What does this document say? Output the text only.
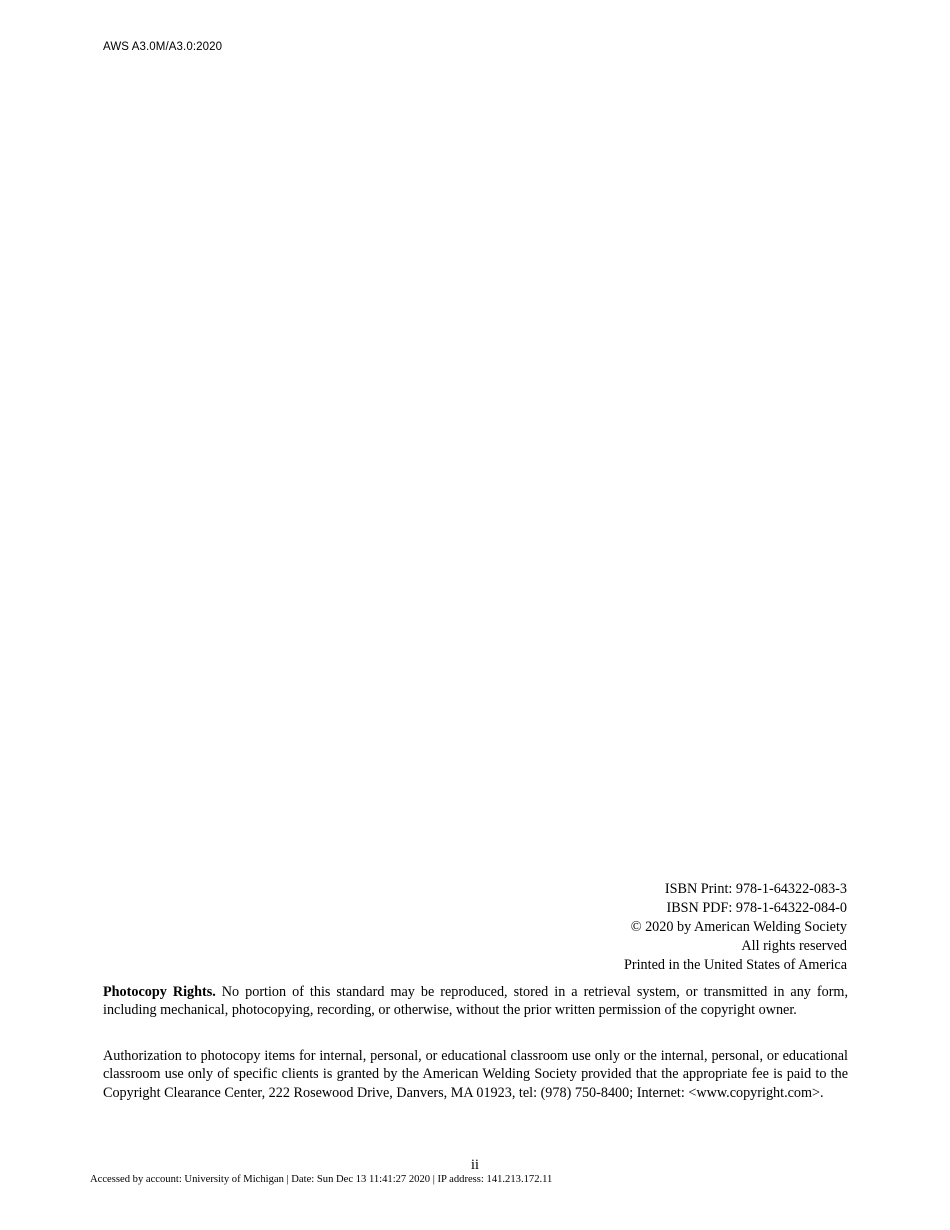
AWS A3.0M/A3.0:2020
ISBN Print: 978-1-64322-083-3
IBSN PDF: 978-1-64322-084-0
© 2020 by American Welding Society
All rights reserved
Printed in the United States of America

Photocopy Rights. No portion of this standard may be reproduced, stored in a retrieval system, or transmitted in any form, including mechanical, photocopying, recording, or otherwise, without the prior written permission of the copyright owner.

Authorization to photocopy items for internal, personal, or educational classroom use only or the internal, personal, or educational classroom use only of specific clients is granted by the American Welding Society provided that the appropriate fee is paid to the Copyright Clearance Center, 222 Rosewood Drive, Danvers, MA 01923, tel: (978) 750-8400; Internet: <www.copyright.com>.

ii
Accessed by account: University of Michigan | Date: Sun Dec 13 11:41:27 2020 | IP address: 141.213.172.11
